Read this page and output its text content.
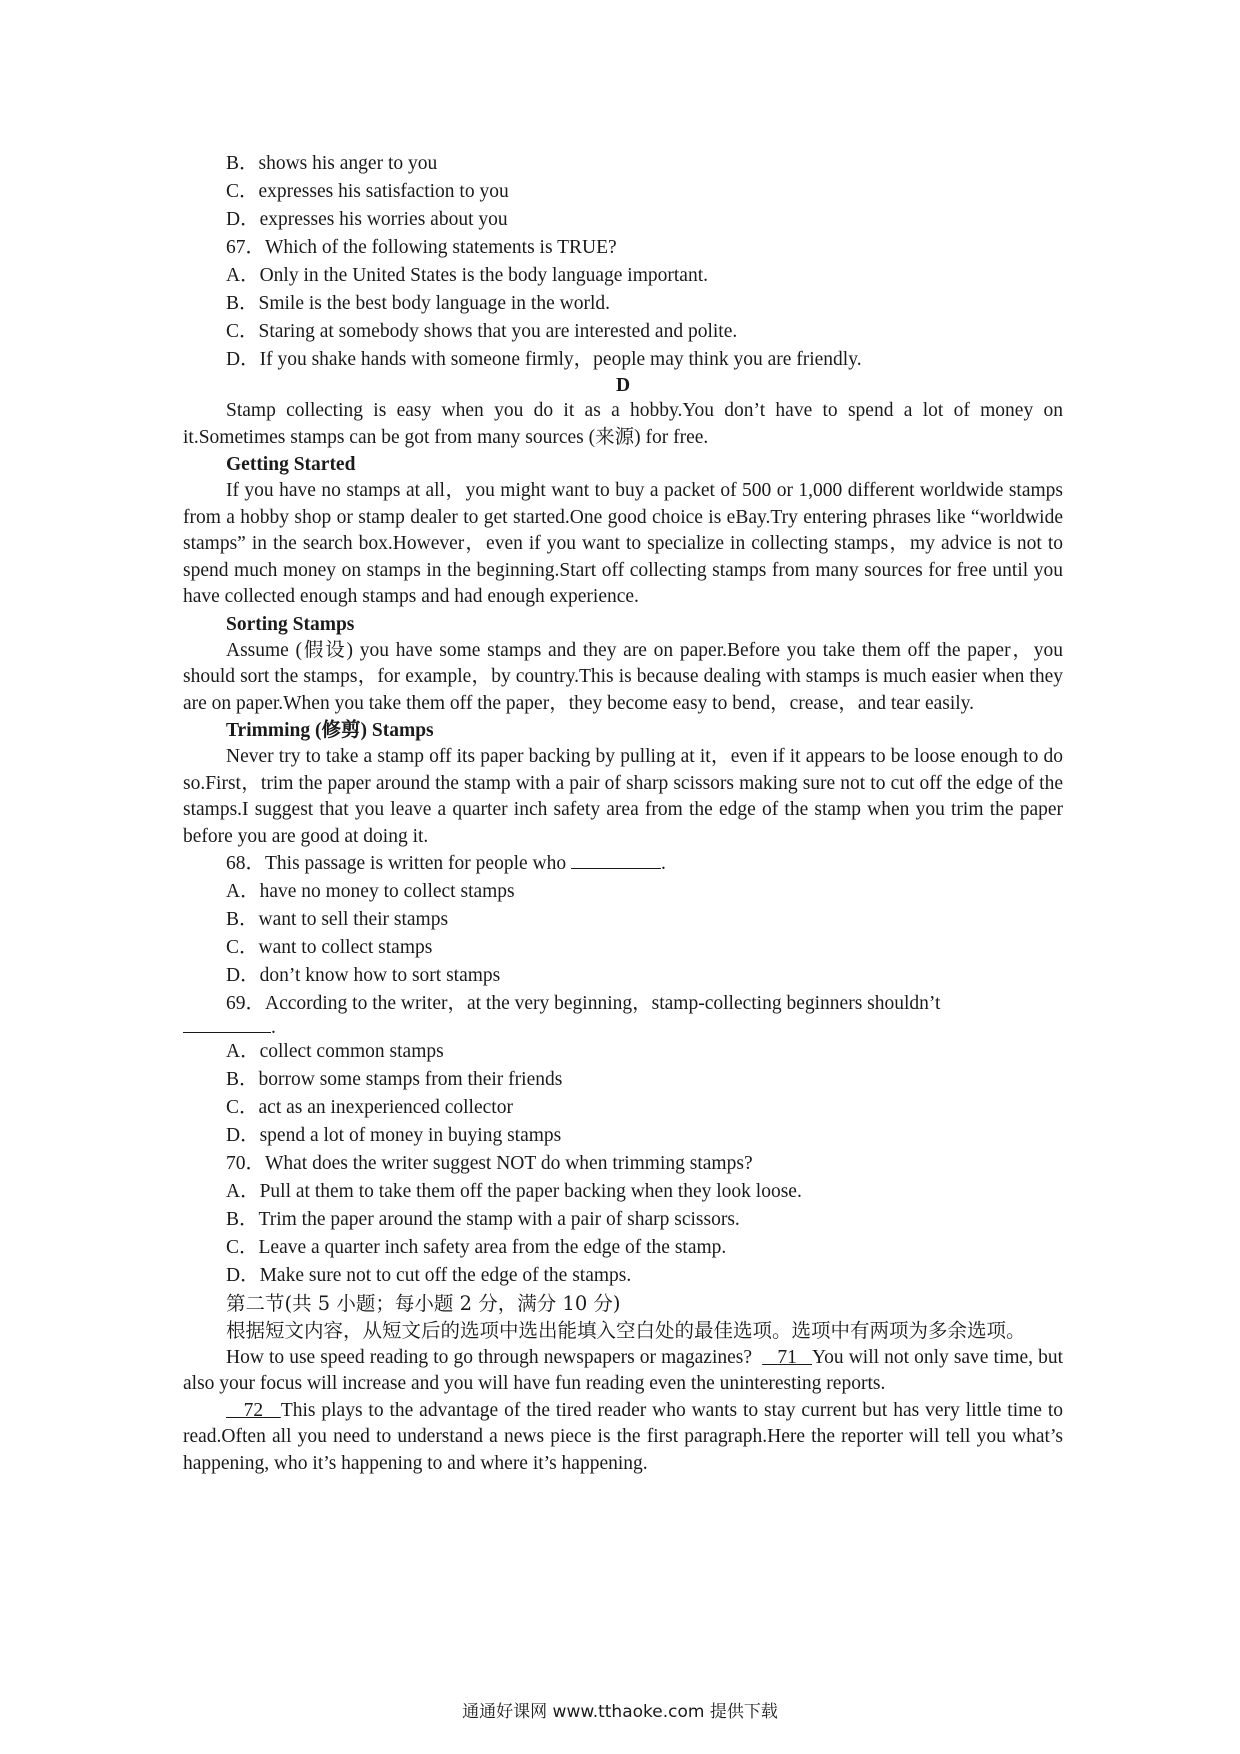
B．shows his anger to you
C．expresses his satisfaction to you
D．expresses his worries about you
67．Which of the following statements is TRUE?
A．Only in the United States is the body language important.
B．Smile is the best body language in the world.
C．Staring at somebody shows that you are interested and polite.
D．If you shake hands with someone firmly，people may think you are friendly.
D

Stamp collecting is easy when you do it as a hobby.You don’t have to spend a lot of money on it.Sometimes stamps can be got from many sources (来源) for free.

Getting Started

If you have no stamps at all，you might want to buy a packet of 500 or 1,000 different worldwide stamps from a hobby shop or stamp dealer to get started.One good choice is eBay.Try entering phrases like “worldwide stamps” in the search box.However，even if you want to specialize in collecting stamps，my advice is not to spend much money on stamps in the beginning.Start off collecting stamps from many sources for free until you have collected enough stamps and had enough experience.

Sorting Stamps

Assume (假设) you have some stamps and they are on paper.Before you take them off the paper，you should sort the stamps，for example，by country.This is because dealing with stamps is much easier when they are on paper.When you take them off the paper，they become easy to bend，crease，and tear easily.

Trimming (修剪) Stamps

Never try to take a stamp off its paper backing by pulling at it，even if it appears to be loose enough to do so.First，trim the paper around the stamp with a pair of sharp scissors making sure not to cut off the edge of the stamps.I suggest that you leave a quarter inch safety area from the edge of the stamp when you trim the paper before you are good at doing it.

68．This passage is written for people who	.
A．have no money to collect stamps
B．want to sell their stamps
C．want to collect stamps
D．don’t know how to sort stamps
69．According to the writer，at the very beginning，stamp-collecting beginners shouldn’t
.
A．collect common stamps
B．borrow some stamps from their friends
C．act as an inexperienced collector
D．spend a lot of money in buying stamps
70．What does the writer suggest NOT do when trimming stamps?
A．Pull at them to take them off the paper backing when they look loose.
B．Trim the paper around the stamp with a pair of sharp scissors.
C．Leave a quarter inch safety area from the edge of the stamp.
D．Make sure not to cut off the edge of the stamps.
第二节(共 5 小题；每小题 2 分，满分 10 分)

根据短文内容，从短文后的选项中选出能填入空白处的最佳选项。选项中有两项为多余选项。

How to use speed reading to go through newspapers or magazines? 71 You will not only save time, but also your focus will increase and you will have fun reading even the uninteresting reports.

72 This plays to the advantage of the tired reader who wants to stay current but has very little time to read.Often all you need to understand a news piece is the first paragraph.Here the reporter will tell you what’s happening, who it’s happening to and where it’s happening.

通通好课网 www.tthaoke.com 提供下载
